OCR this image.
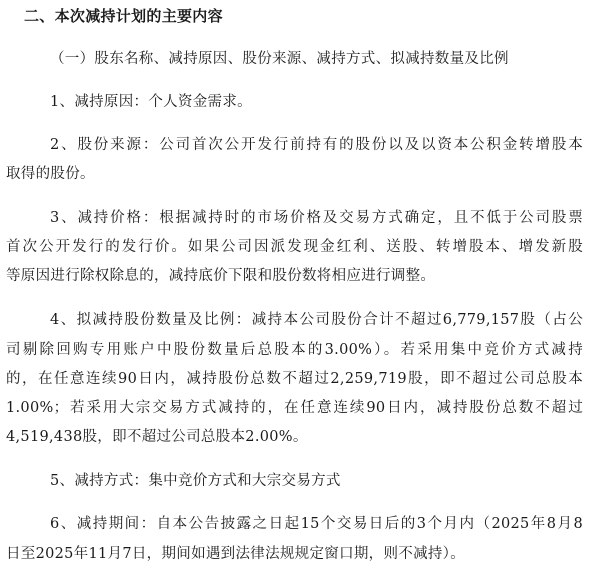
二、本次减持计划的主要内容
（一）股东名称、减持原因、股份来源、减持方式、拟减持数量及比例
1、减持原因：个人资金需求。
2、股份来源：公司首次公开发行前持有的股份以及以资本公积金转增股本
取得的股份。
3、减持价格：根据减持时的市场价格及交易方式确定，且不低于公司股票
首次公开发行的发行价。如果公司因派发现金红利、送股、转增股本、增发新股
等原因进行除权除息的，减持底价下限和股份数将相应进行调整。
4、拟减持股份数量及比例：减持本公司股份合计不超过6,779,157股（占公
司剔除回购专用账户中股份数量后总股本的3.00%）。若采用集中竞价方式减持
的，在任意连续90日内，减持股份总数不超过2,259,719股，即不超过公司总股本
1.00%；若采用大宗交易方式减持的，在任意连续90日内，减持股份总数不超过
4,519,438股，即不超过公司总股本2.00%。
5、减持方式：集中竞价方式和大宗交易方式
6、减持期间：自本公告披露之日起15个交易日后的3个月内（2025年8月8
日至2025年11月7日，期间如遇到法律法规规定窗口期，则不减持）。
